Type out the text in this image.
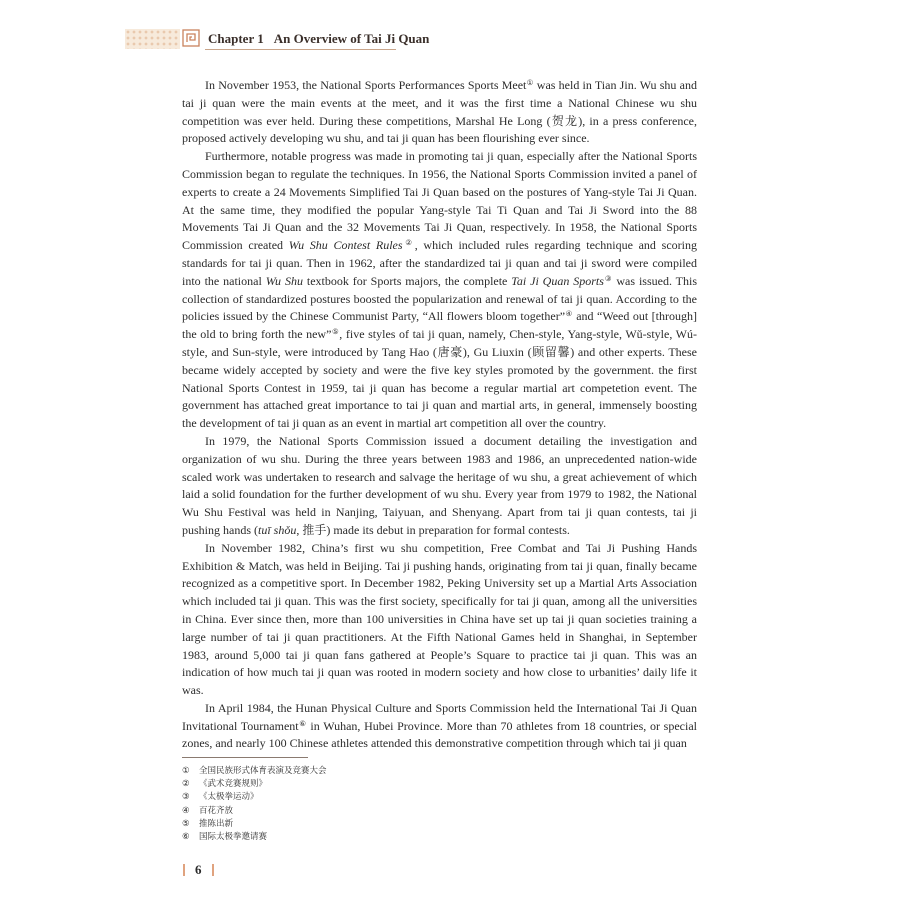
Chapter 1 An Overview of Tai Ji Quan

In November 1953, the National Sports Performances Sports Meet① was held in Tian Jin. Wu shu and tai ji quan were the main events at the meet, and it was the first time a National Chinese wu shu competition was ever held. During these competitions, Marshal He Long (贺龙), in a press conference, proposed actively developing wu shu, and tai ji quan has been flourishing ever since.

Furthermore, notable progress was made in promoting tai ji quan, especially after the National Sports Commission began to regulate the techniques. In 1956, the National Sports Commission invited a panel of experts to create a 24 Movements Simplified Tai Ji Quan based on the postures of Yang-style Tai Ji Quan. At the same time, they modified the popular Yang-style Tai Ti Quan and Tai Ji Sword into the 88 Movements Tai Ji Quan and the 32 Movements Tai Ji Quan, respectively. In 1958, the National Sports Commission created Wu Shu Contest Rules②, which included rules regarding technique and scoring standards for tai ji quan. Then in 1962, after the standardized tai ji quan and tai ji sword were compiled into the national Wu Shu textbook for Sports majors, the complete Tai Ji Quan Sports③ was issued. This collection of standardized postures boosted the popularization and renewal of tai ji quan. According to the policies issued by the Chinese Communist Party, “All flowers bloom together”④ and “Weed out [through] the old to bring forth the new”⑤, five styles of tai ji quan, namely, Chen-style, Yang-style, Wǔ-style, Wú-style, and Sun-style, were introduced by Tang Hao (唐豪), Gu Liuxin (顾留馨) and other experts. These became widely accepted by society and were the five key styles promoted by the government. the first National Sports Contest in 1959, tai ji quan has become a regular martial art competetion event. The government has attached great importance to tai ji quan and martial arts, in general, immensely boosting the development of tai ji quan as an event in martial art competition all over the country.

In 1979, the National Sports Commission issued a document detailing the investigation and organization of wu shu. During the three years between 1983 and 1986, an unprecedented nation-wide scaled work was undertaken to research and salvage the heritage of wu shu, a great achievement of which laid a solid foundation for the further development of wu shu. Every year from 1979 to 1982, the National Wu Shu Festival was held in Nanjing, Taiyuan, and Shenyang. Apart from tai ji quan contests, tai ji pushing hands (tuī shǒu, 推手) made its debut in preparation for formal contests.

In November 1982, China’s first wu shu competition, Free Combat and Tai Ji Pushing Hands Exhibition & Match, was held in Beijing. Tai ji pushing hands, originating from tai ji quan, finally became recognized as a competitive sport. In December 1982, Peking University set up a Martial Arts Association which included tai ji quan. This was the first society, specifically for tai ji quan, among all the universities in China. Ever since then, more than 100 universities in China have set up tai ji quan societies training a large number of tai ji quan practitioners. At the Fifth National Games held in Shanghai, in September 1983, around 5,000 tai ji quan fans gathered at People’s Square to practice tai ji quan. This was an indication of how much tai ji quan was rooted in modern society and how close to urbanities’ daily life it was.

In April 1984, the Hunan Physical Culture and Sports Commission held the International Tai Ji Quan Invitational Tournament⑥ in Wuhan, Hubei Province. More than 70 athletes from 18 countries, or special zones, and nearly 100 Chinese athletes attended this demonstrative competition through which tai ji quan

① 全国民族形式体育表演及竞赛大会
② 《武术竞赛规则》
③ 《太极拳运动》
④ 百花齐放
⑤ 推陈出新
⑥ 国际太极拳邀请赛
6
